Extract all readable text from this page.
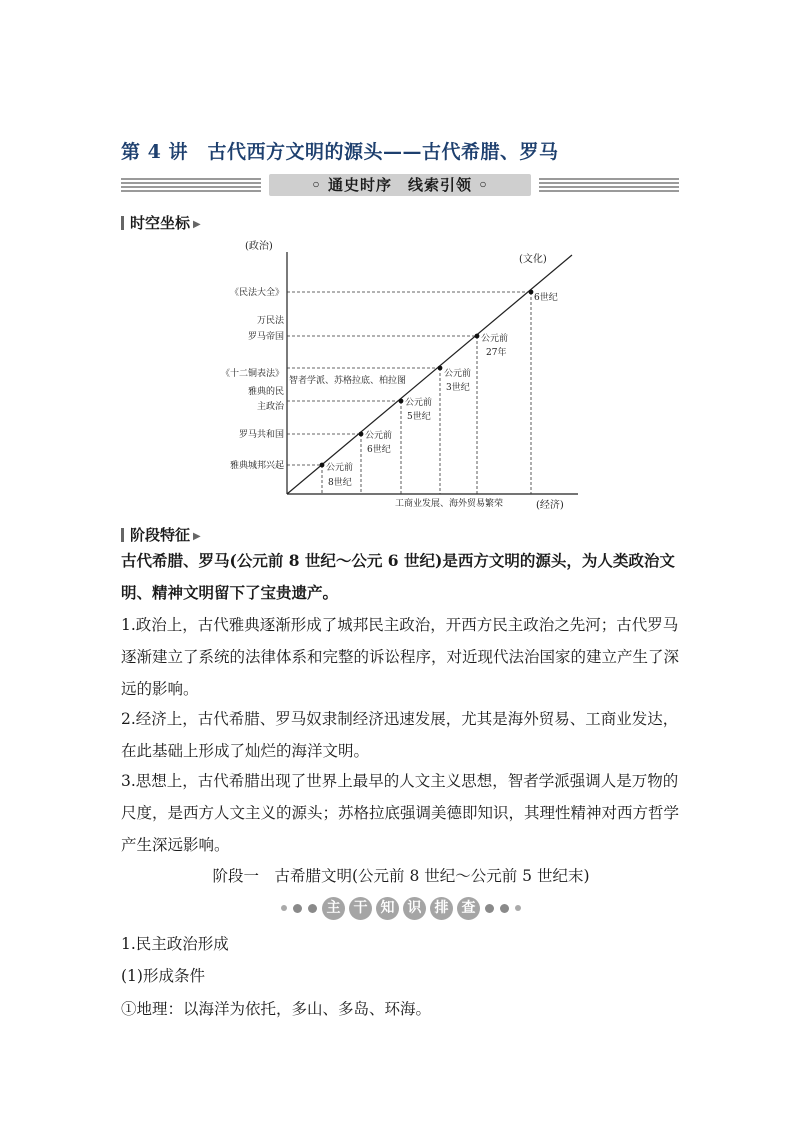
第 4 讲　古代西方文明的源头——古代希腊、罗马
◦ 通史时序　线索引领 ◦
时空坐标 ▶
(政治)
(文化)
(经济)
工商业发展、海外贸易繁荣
雅典城邦兴起
罗马共和国
雅典的民
主政治
《十二铜表法》
罗马帝国
万民法
《民法大全》
智者学派、苏格拉底、柏拉图
公元前
8世纪
公元前
6世纪
公元前
5世纪
公元前
3世纪
公元前
27年
6世纪
阶段特征 ▶
古代希腊、罗马(公元前 8 世纪～公元 6 世纪)是西方文明的源头，为人类政治文明、精神文明留下了宝贵遗产。
1.政治上，古代雅典逐渐形成了城邦民主政治，开西方民主政治之先河；古代罗马逐渐建立了系统的法律体系和完整的诉讼程序，对近现代法治国家的建立产生了深远的影响。
2.经济上，古代希腊、罗马奴隶制经济迅速发展，尤其是海外贸易、工商业发达，在此基础上形成了灿烂的海洋文明。
3.思想上，古代希腊出现了世界上最早的人文主义思想，智者学派强调人是万物的尺度，是西方人文主义的源头；苏格拉底强调美德即知识，其理性精神对西方哲学产生深远影响。
阶段一　古希腊文明(公元前 8 世纪～公元前 5 世纪末)
主 干 知 识 排 查
1.民主政治形成
(1)形成条件
①地理：以海洋为依托，多山、多岛、环海。
